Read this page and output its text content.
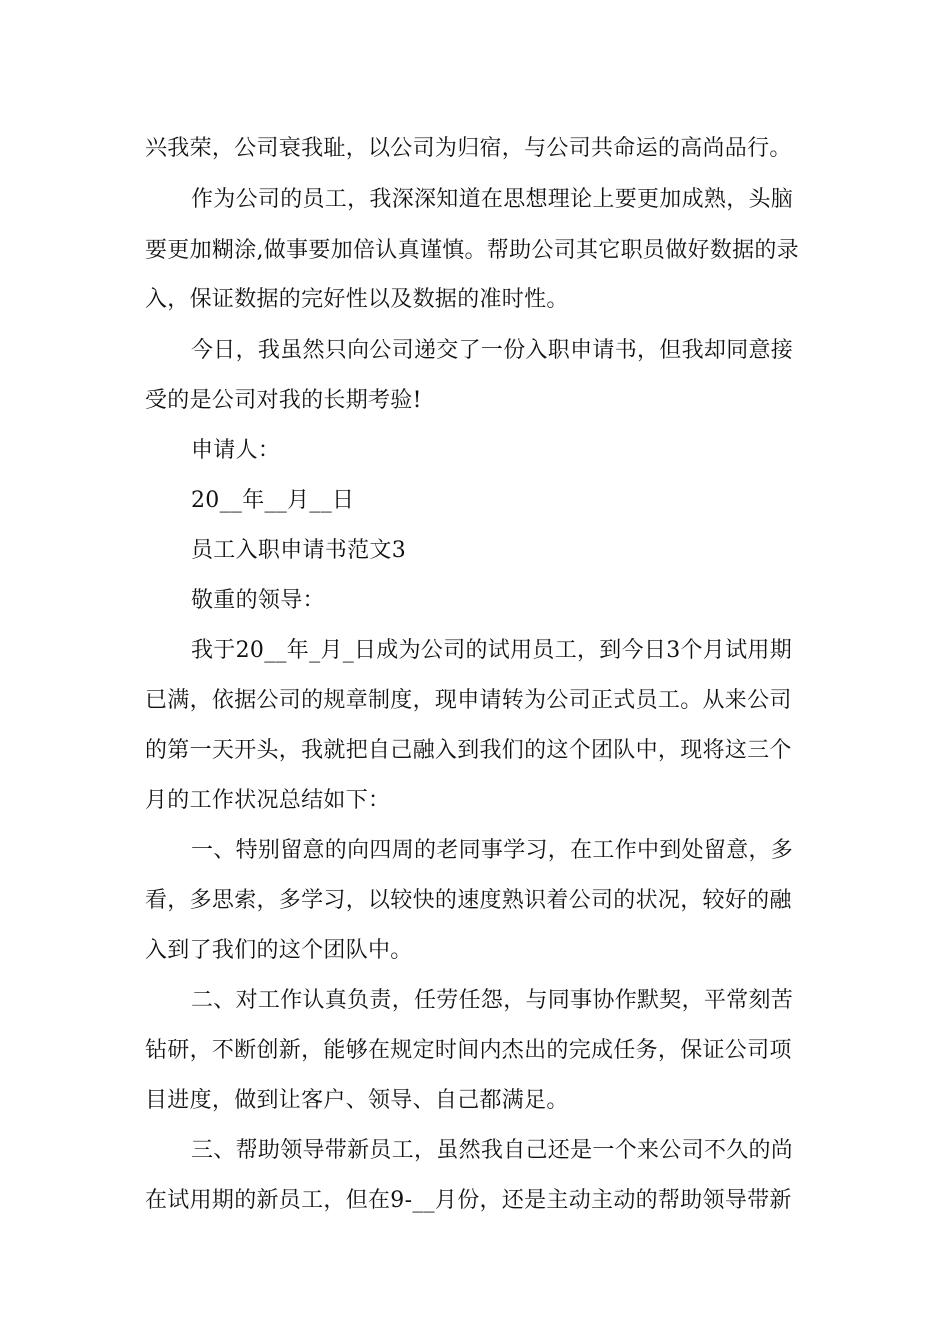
兴我荣，公司衰我耻，以公司为归宿，与公司共命运的高尚品行。
作为公司的员工，我深深知道在思想理论上要更加成熟，头脑
要更加糊涂,做事要加倍认真谨慎。帮助公司其它职员做好数据的录
入，保证数据的完好性以及数据的准时性。
今日，我虽然只向公司递交了一份入职申请书，但我却同意接
受的是公司对我的长期考验!
申请人：
20__年__月__日
员工入职申请书范文3
敬重的领导：
我于20__年_月_日成为公司的试用员工，到今日3个月试用期
已满，依据公司的规章制度，现申请转为公司正式员工。从来公司
的第一天开头，我就把自己融入到我们的这个团队中，现将这三个
月的工作状况总结如下：
一、特别留意的向四周的老同事学习，在工作中到处留意，多
看，多思索，多学习，以较快的速度熟识着公司的状况，较好的融
入到了我们的这个团队中。
二、对工作认真负责，任劳任怨，与同事协作默契，平常刻苦
钻研，不断创新，能够在规定时间内杰出的完成任务，保证公司项
目进度，做到让客户、领导、自己都满足。
三、帮助领导带新员工，虽然我自己还是一个来公司不久的尚
在试用期的新员工，但在9-__月份，还是主动主动的帮助领导带新
